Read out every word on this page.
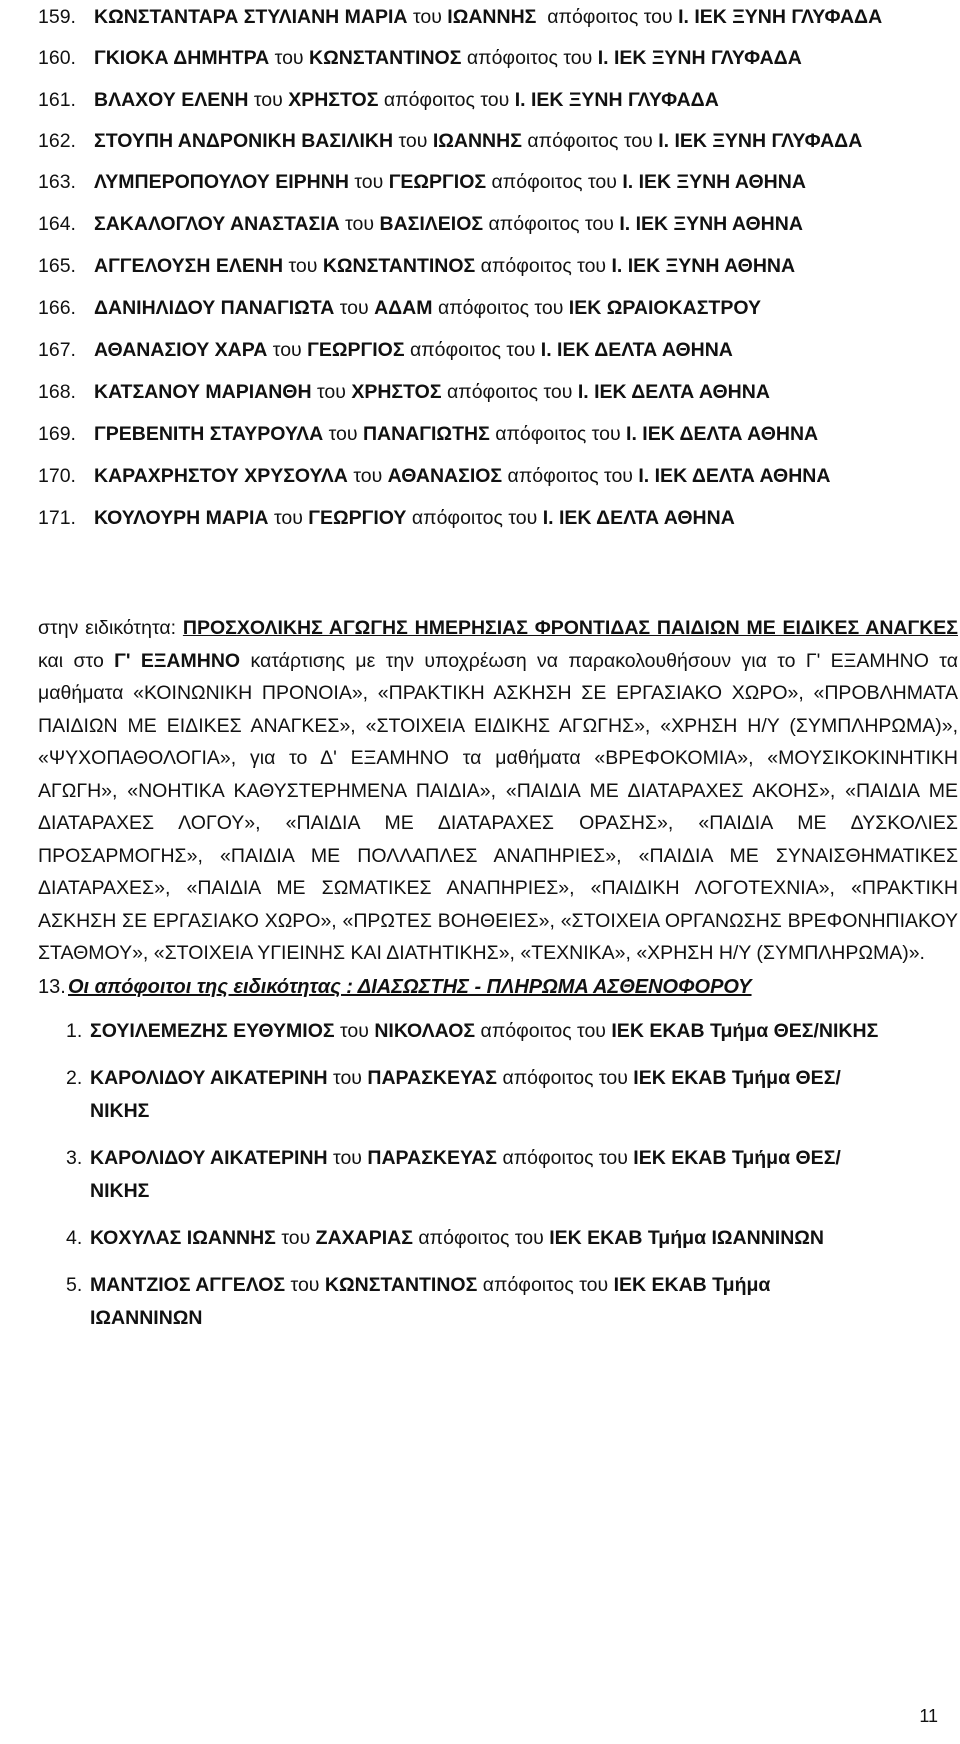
159. ΚΩΝΣΤΑΝΤΑΡΑ ΣΤΥΛΙΑΝΗ ΜΑΡΙΑ του ΙΩΑΝΝΗΣ απόφοιτος του Ι. ΙΕΚ ΞΥΝΗ ΓΛΥΦΑΔΑ
160. ΓΚΙΟΚΑ ΔΗΜΗΤΡΑ του ΚΩΝΣΤΑΝΤΙΝΟΣ απόφοιτος του Ι. ΙΕΚ ΞΥΝΗ ΓΛΥΦΑΔΑ
161. ΒΛΑΧΟΥ ΕΛΕΝΗ του ΧΡΗΣΤΟΣ απόφοιτος του Ι. ΙΕΚ ΞΥΝΗ ΓΛΥΦΑΔΑ
162. ΣΤΟΥΠΗ ΑΝΔΡΟΝΙΚΗ ΒΑΣΙΛΙΚΗ του ΙΩΑΝΝΗΣ απόφοιτος του Ι. ΙΕΚ ΞΥΝΗ ΓΛΥΦΑΔΑ
163. ΛΥΜΠΕΡΟΠΟΥΛΟΥ ΕΙΡΗΝΗ του ΓΕΩΡΓΙΟΣ απόφοιτος του Ι. ΙΕΚ ΞΥΝΗ ΑΘΗΝΑ
164. ΣΑΚΑΛΟΓΛΟΥ ΑΝΑΣΤΑΣΙΑ του ΒΑΣΙΛΕΙΟΣ απόφοιτος του Ι. ΙΕΚ ΞΥΝΗ ΑΘΗΝΑ
165. ΑΓΓΕΛΟΥΣΗ ΕΛΕΝΗ του ΚΩΝΣΤΑΝΤΙΝΟΣ απόφοιτος του Ι. ΙΕΚ ΞΥΝΗ ΑΘΗΝΑ
166. ΔΑΝΙΗΛΙΔΟΥ ΠΑΝΑΓΙΩΤΑ του ΑΔΑΜ απόφοιτος του ΙΕΚ ΩΡΑΙΟΚΑΣΤΡΟΥ
167. ΑΘΑΝΑΣΙΟΥ ΧΑΡΑ του ΓΕΩΡΓΙΟΣ απόφοιτος του Ι. ΙΕΚ ΔΕΛΤΑ ΑΘΗΝΑ
168. ΚΑΤΣΑΝΟΥ ΜΑΡΙΑΝΘΗ του ΧΡΗΣΤΟΣ απόφοιτος του Ι. ΙΕΚ ΔΕΛΤΑ ΑΘΗΝΑ
169. ΓΡΕΒΕΝΙΤΗ ΣΤΑΥΡΟΥΛΑ του ΠΑΝΑΓΙΩΤΗΣ απόφοιτος του Ι. ΙΕΚ ΔΕΛΤΑ ΑΘΗΝΑ
170. ΚΑΡΑΧΡΗΣΤΟΥ ΧΡΥΣΟΥΛΑ του ΑΘΑΝΑΣΙΟΣ απόφοιτος του Ι. ΙΕΚ ΔΕΛΤΑ ΑΘΗΝΑ
171. ΚΟΥΛΟΥΡΗ ΜΑΡΙΑ του ΓΕΩΡΓΙΟΥ απόφοιτος του Ι. ΙΕΚ ΔΕΛΤΑ ΑΘΗΝΑ

στην ειδικότητα: ΠΡΟΣΧΟΛΙΚΗΣ ΑΓΩΓΗΣ ΗΜΕΡΗΣΙΑΣ ΦΡΟΝΤΙΔΑΣ ΠΑΙΔΙΩΝ ΜΕ ΕΙΔΙΚΕΣ ΑΝΑΓΚΕΣ και στο Γ' ΕΞΑΜΗΝΟ κατάρτισης με την υποχρέωση να παρακολουθήσουν για το Γ' ΕΞΑΜΗΝΟ τα μαθήματα «ΚΟΙΝΩΝΙΚΗ ΠΡΟΝΟΙΑ», «ΠΡΑΚΤΙΚΗ ΑΣΚΗΣΗ ΣΕ ΕΡΓΑΣΙΑΚΟ ΧΩΡΟ», «ΠΡΟΒΛΗΜΑΤΑ ΠΑΙΔΙΩΝ ΜΕ ΕΙΔΙΚΕΣ ΑΝΑΓΚΕΣ», «ΣΤΟΙΧΕΙΑ ΕΙΔΙΚΗΣ ΑΓΩΓΗΣ», «ΧΡΗΣΗ Η/Υ (ΣΥΜΠΛΗΡΩΜΑ)», «ΨΥΧΟΠΑΘΟΛΟΓΙΑ», για το Δ' ΕΞΑΜΗΝΟ τα μαθήματα «ΒΡΕΦΟΚΟΜΙΑ», «ΜΟΥΣΙΚΟΚΙΝΗΤΙΚΗ ΑΓΩΓΗ», «ΝΟΗΤΙΚΑ ΚΑΘΥΣΤΕΡΗΜΕΝΑ ΠΑΙΔΙΑ», «ΠΑΙΔΙΑ ΜΕ ΔΙΑΤΑΡΑΧΕΣ ΑΚΟΗΣ», «ΠΑΙΔΙΑ ΜΕ ΔΙΑΤΑΡΑΧΕΣ ΛΟΓΟΥ», «ΠΑΙΔΙΑ ΜΕ ΔΙΑΤΑΡΑΧΕΣ ΟΡΑΣΗΣ», «ΠΑΙΔΙΑ ΜΕ ΔΥΣΚΟΛΙΕΣ ΠΡΟΣΑΡΜΟΓΗΣ», «ΠΑΙΔΙΑ ΜΕ ΠΟΛΛΑΠΛΕΣ ΑΝΑΠΗΡΙΕΣ», «ΠΑΙΔΙΑ ΜΕ ΣΥΝΑΙΣΘΗΜΑΤΙΚΕΣ ΔΙΑΤΑΡΑΧΕΣ», «ΠΑΙΔΙΑ ΜΕ ΣΩΜΑΤΙΚΕΣ ΑΝΑΠΗΡΙΕΣ», «ΠΑΙΔΙΚΗ ΛΟΓΟΤΕΧΝΙΑ», «ΠΡΑΚΤΙΚΗ ΑΣΚΗΣΗ ΣΕ ΕΡΓΑΣΙΑΚΟ ΧΩΡΟ», «ΠΡΩΤΕΣ ΒΟΗΘΕΙΕΣ», «ΣΤΟΙΧΕΙΑ ΟΡΓΑΝΩΣΗΣ ΒΡΕΦΟΝΗΠΙΑΚΟΥ ΣΤΑΘΜΟΥ», «ΣΤΟΙΧΕΙΑ ΥΓΙΕΙΝΗΣ ΚΑΙ ΔΙΑΤΗΤΙΚΗΣ», «ΤΕΧΝΙΚΑ», «ΧΡΗΣΗ Η/Υ (ΣΥΜΠΛΗΡΩΜΑ)».

13. Οι απόφοιτοι της ειδικότητας : ΔΙΑΣΩΣΤΗΣ - ΠΛΗΡΩΜΑ ΑΣΘΕΝΟΦΟΡΟΥ
1. ΣΟΥΙΛΕΜΕΖΗΣ ΕΥΘΥΜΙΟΣ του ΝΙΚΟΛΑΟΣ απόφοιτος του ΙΕΚ ΕΚΑΒ Τμήμα ΘΕΣ/ΝΙΚΗΣ
2. ΚΑΡΟΛΙΔΟΥ ΑΙΚΑΤΕΡΙΝΗ του ΠΑΡΑΣΚΕΥΑΣ απόφοιτος του ΙΕΚ ΕΚΑΒ Τμήμα ΘΕΣ/ΝΙΚΗΣ
3. ΚΑΡΟΛΙΔΟΥ ΑΙΚΑΤΕΡΙΝΗ του ΠΑΡΑΣΚΕΥΑΣ απόφοιτος του ΙΕΚ ΕΚΑΒ Τμήμα ΘΕΣ/ΝΙΚΗΣ
4. ΚΟΧΥΛΑΣ ΙΩΑΝΝΗΣ του ΖΑΧΑΡΙΑΣ απόφοιτος του ΙΕΚ ΕΚΑΒ Τμήμα ΙΩΑΝΝΙΝΩΝ
5. ΜΑΝΤΖΙΟΣ ΑΓΓΕΛΟΣ του ΚΩΝΣΤΑΝΤΙΝΟΣ απόφοιτος του ΙΕΚ ΕΚΑΒ Τμήμα ΙΩΑΝΝΙΝΩΝ
11
